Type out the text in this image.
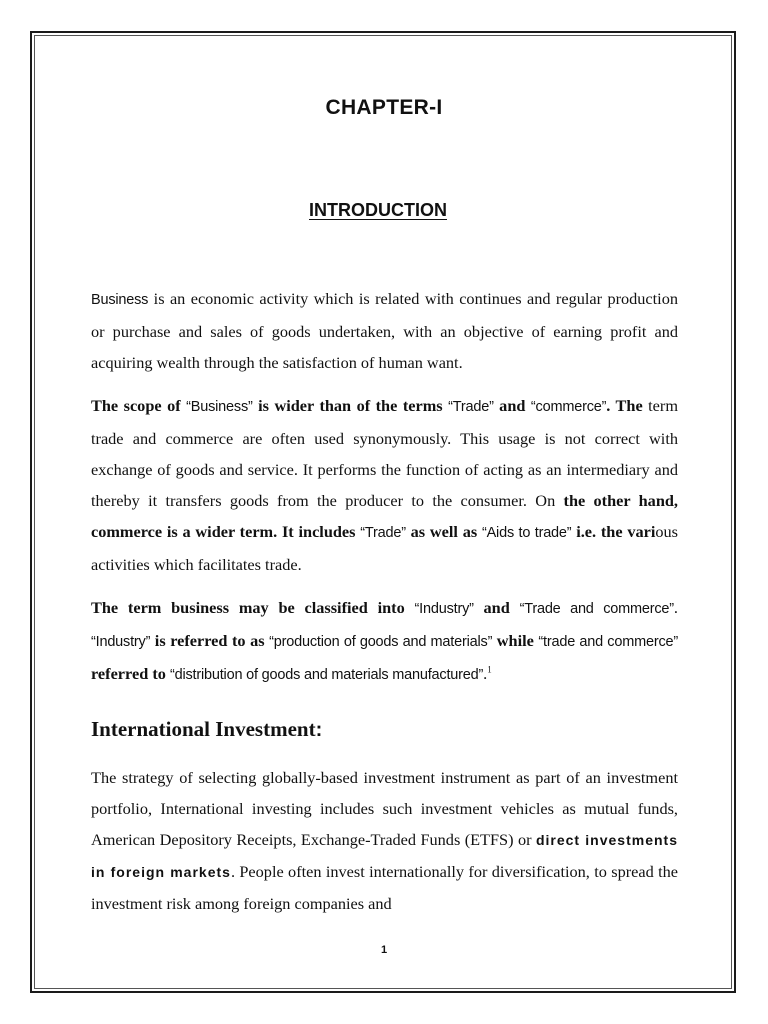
CHAPTER-I
INTRODUCTION

Business is an economic activity which is related with continues and regular production or purchase and sales of goods undertaken, with an objective of earning profit and acquiring wealth through the satisfaction of human want.

The scope of “Business” is wider than of the terms “Trade” and “commerce”. The term trade and commerce are often used synonymously. This usage is not correct with exchange of goods and service. It performs the function of acting as an intermediary and thereby it transfers goods from the producer to the consumer. On the other hand, commerce is a wider term. It includes “Trade” as well as “Aids to trade” i.e. the various activities which facilitates trade.

The term business may be classified into “Industry” and “Trade and commerce”. “Industry” is referred to as “production of goods and materials” while “trade and commerce” referred to “distribution of goods and materials manufactured”.$^1$

International Investment:

The strategy of selecting globally-based investment instrument as part of an investment portfolio, International investing includes such investment vehicles as mutual funds, American Depository Receipts, Exchange-Traded Funds (ETFS) or direct investments in foreign markets. People often invest internationally for diversification, to spread the investment risk among foreign companies and

1
